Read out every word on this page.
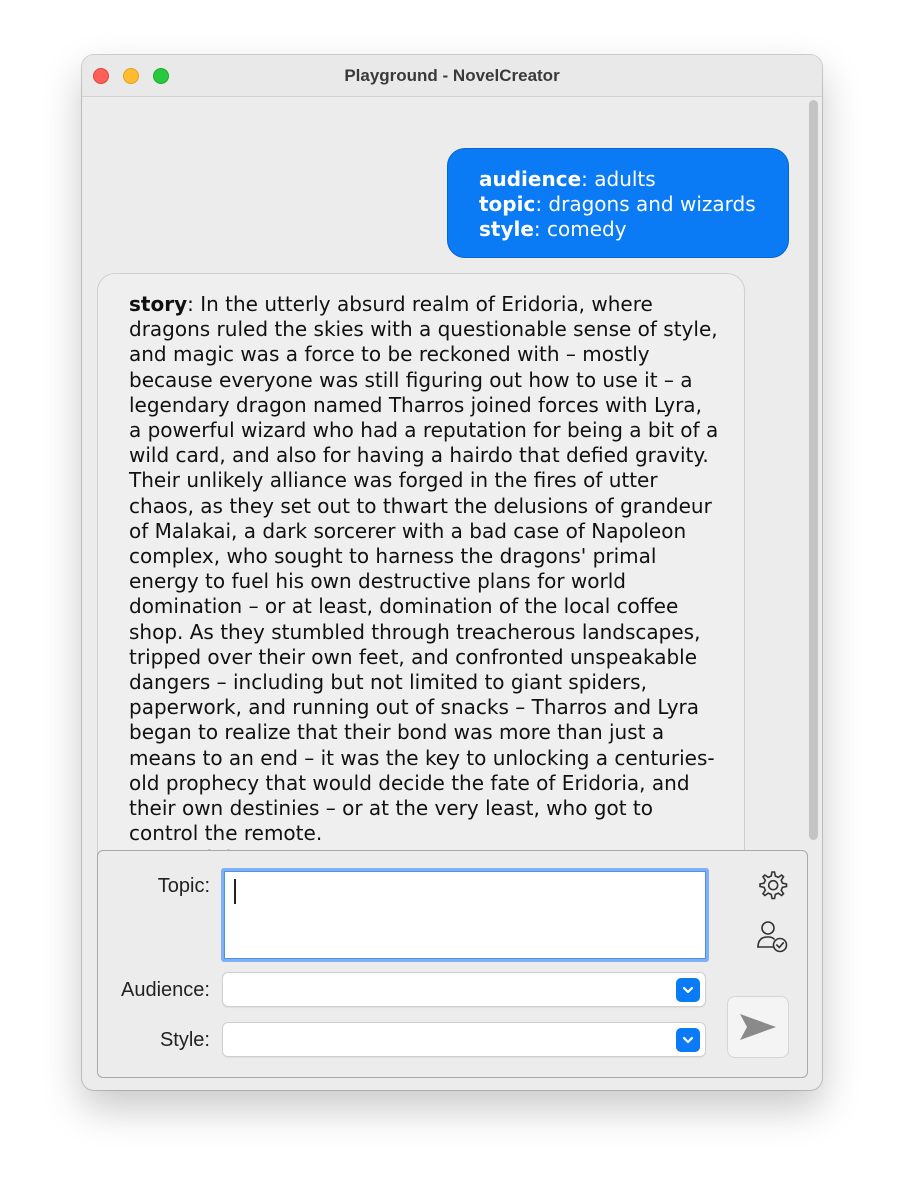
Playground - NovelCreator
audience: adults
topic: dragons and wizards
style: comedy
story: In the utterly absurd realm of Eridoria, where dragons ruled the skies with a questionable sense of style, and magic was a force to be reckoned with – mostly because everyone was still figuring out how to use it – a legendary dragon named Tharros joined forces with Lyra, a powerful wizard who had a reputation for being a bit of a wild card, and also for having a hairdo that defied gravity. Their unlikely alliance was forged in the fires of utter chaos, as they set out to thwart the delusions of grandeur of Malakai, a dark sorcerer with a bad case of Napoleon complex, who sought to harness the dragons' primal energy to fuel his own destructive plans for world domination – or at least, domination of the local coffee shop. As they stumbled through treacherous landscapes, tripped over their own feet, and confronted unspeakable dangers – including but not limited to giant spiders, paperwork, and running out of snacks – Tharros and Lyra began to realize that their bond was more than just a means to an end – it was the key to unlocking a centuries-old prophecy that would decide the fate of Eridoria, and their own destinies – or at the very least, who got to control the remote.
Topic:
Audience:
Style:
